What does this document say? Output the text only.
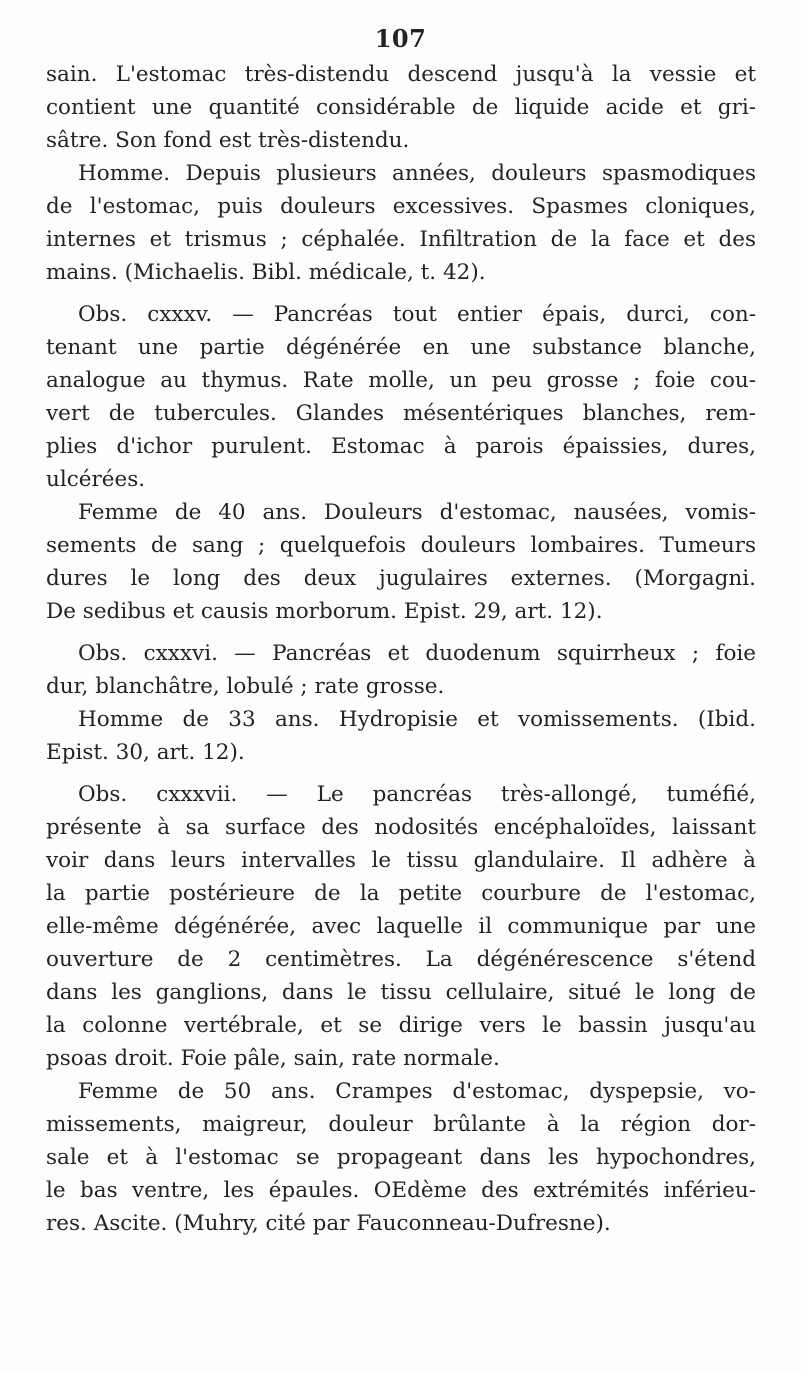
107
sain. L'estomac très-distendu descend jusqu'à la vessie et
contient une quantité considérable de liquide acide et gri-
sâtre. Son fond est très-distendu.
Homme. Depuis plusieurs années, douleurs spasmodiques
de l'estomac, puis douleurs excessives. Spasmes cloniques,
internes et trismus ; céphalée. Infiltration de la face et des
mains. (Michaelis. Bibl. médicale, t. 42).
Obs. cxxxv. — Pancréas tout entier épais, durci, con-
tenant une partie dégénérée en une substance blanche,
analogue au thymus. Rate molle, un peu grosse ; foie cou-
vert de tubercules. Glandes mésentériques blanches, rem-
plies d'ichor purulent. Estomac à parois épaissies, dures,
ulcérées.
Femme de 40 ans. Douleurs d'estomac, nausées, vomis-
sements de sang ; quelquefois douleurs lombaires. Tumeurs
dures le long des deux jugulaires externes. (Morgagni.
De sedibus et causis morborum. Epist. 29, art. 12).
Obs. cxxxvi. — Pancréas et duodenum squirrheux ; foie
dur, blanchâtre, lobulé ; rate grosse.
Homme de 33 ans. Hydropisie et vomissements. (Ibid.
Epist. 30, art. 12).
Obs. cxxxvii. — Le pancréas très-allongé, tuméfié,
présente à sa surface des nodosités encéphaloïdes, laissant
voir dans leurs intervalles le tissu glandulaire. Il adhère à
la partie postérieure de la petite courbure de l'estomac,
elle-même dégénérée, avec laquelle il communique par une
ouverture de 2 centimètres. La dégénérescence s'étend
dans les ganglions, dans le tissu cellulaire, situé le long de
la colonne vertébrale, et se dirige vers le bassin jusqu'au
psoas droit. Foie pâle, sain, rate normale.
Femme de 50 ans. Crampes d'estomac, dyspepsie, vo-
missements, maigreur, douleur brûlante à la région dor-
sale et à l'estomac se propageant dans les hypochondres,
le bas ventre, les épaules. OEdème des extrémités inférieu-
res. Ascite. (Muhry, cité par Fauconneau-Dufresne).
